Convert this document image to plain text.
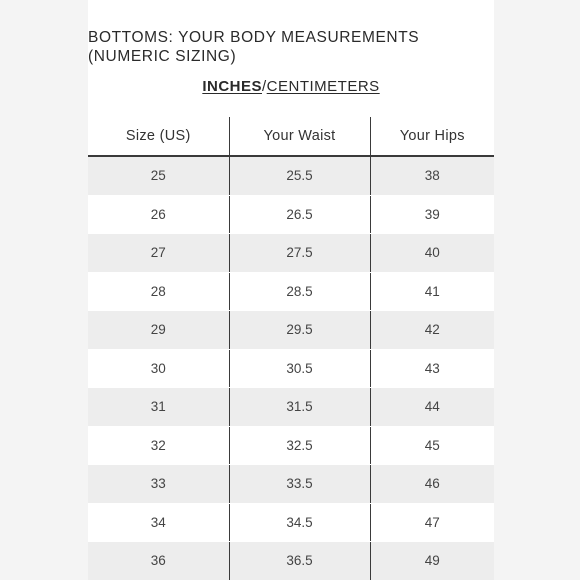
BOTTOMS: YOUR BODY MEASUREMENTS
(NUMERIC SIZING)
INCHES/CENTIMETERS
Size (US)	Your Waist	Your Hips
25	25.5	38
26	26.5	39
27	27.5	40
28	28.5	41
29	29.5	42
30	30.5	43
31	31.5	44
32	32.5	45
33	33.5	46
34	34.5	47
36	36.5	49
